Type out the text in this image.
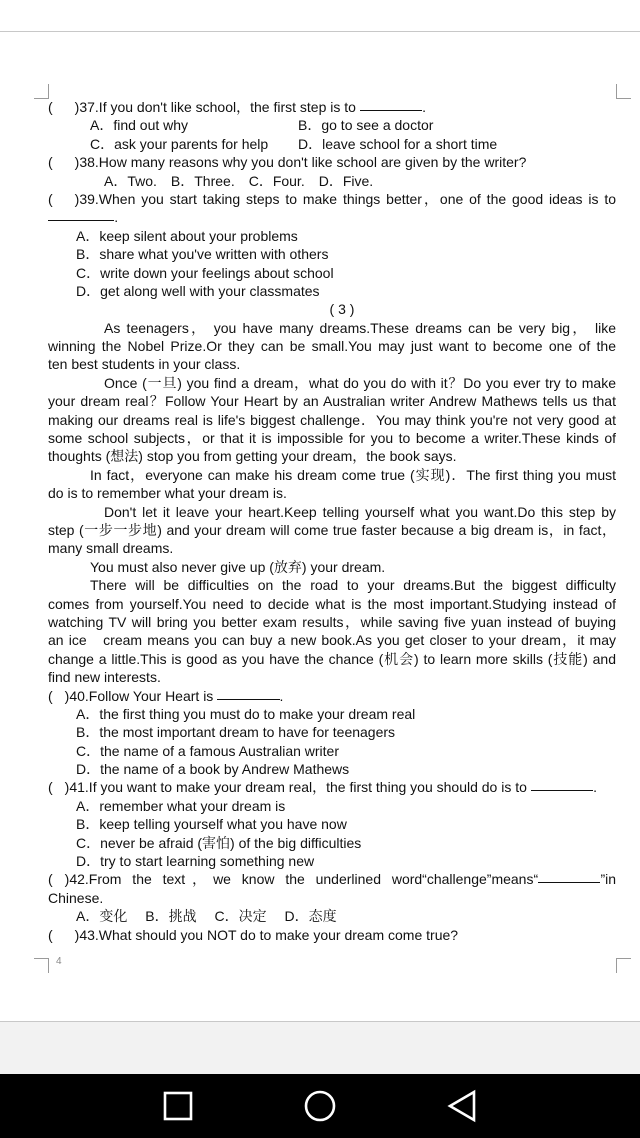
( )37.If you don't like school，the first step is to	.
A．find out why	B．go to see a doctor
C．ask your parents for help D．leave school for a short time
( )38.How many reasons why you don't like school are given by the writer?
A．Two.　B．Three.　C．Four.　D．Five.
( )39.When you start taking steps to make things better，one of the good ideas is to
.
A．keep silent about your problems
B．share what you've written with others
C．write down your feelings about school
D．get along well with your classmates
( 3 )
As teenagers， you have many dreams.These dreams can be very big， like
winning the Nobel Prize.Or they can be small.You may just want to become one of the
ten best students in your class.
Once (一旦) you find a dream，what do you do with it？Do you ever try to make
your dream real？Follow Your Heart by an Australian writer Andrew Mathews tells us that
making our dreams real is life's biggest challenge．You may think you're not very good at
some school subjects，or that it is impossible for you to become a writer.These kinds of
thoughts (想法) stop you from getting your dream，the book says.
In fact，everyone can make his dream come true (实现)．The first thing you must
do is to remember what your dream is.
Don't let it leave your heart.Keep telling yourself what you want.Do this step by
step (一步一步地) and your dream will come true faster because a big dream is，in fact，
many small dreams.
You must also never give up (放弃) your dream.
There will be difficulties on the road to your dreams.But the biggest difficulty
comes from yourself.You need to decide what is the most important.Studying instead of
watching TV will bring you better exam results，while saving five yuan instead of buying
an ice　cream means you can buy a new book.As you get closer to your dream，it may
change a little.This is good as you have the chance (机会) to learn more skills (技能) and
find new interests.
( )40.Follow Your Heart is	.
A．the first thing you must do to make your dream real
B．the most important dream to have for teenagers
C．the name of a famous Australian writer
D．the name of a book by Andrew Mathews
( )41.If you want to make your dream real，the first thing you should do is to	.
A．remember what your dream is
B．keep telling yourself what you have now
C．never be afraid (害怕) of the big difficulties
D．try to start learning something new
( )42.From the text，we know the underlined word“challenge”means“	”in
Chinese.
A．变化　 B．挑战　 C．决定　 D．态度
( )43.What should you NOT do to make your dream come true?
4
